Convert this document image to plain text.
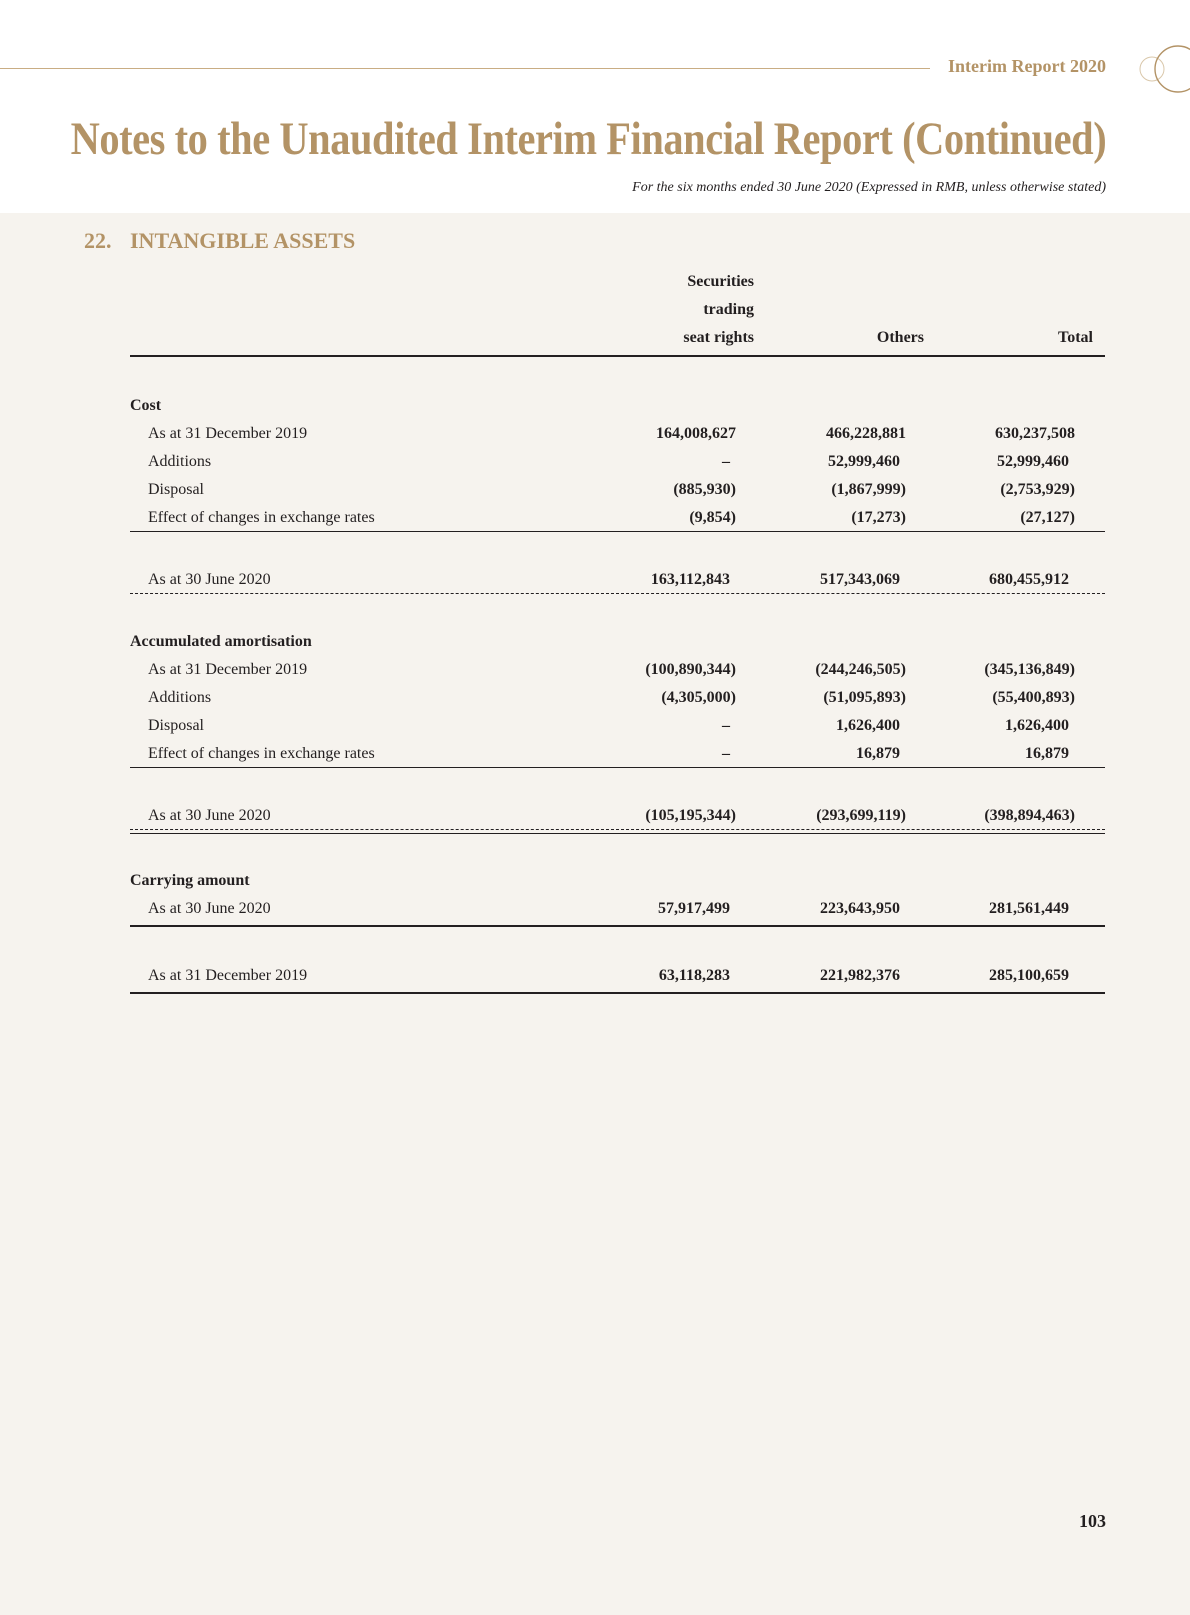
Interim Report 2020
Notes to the Unaudited Interim Financial Report (Continued)
For the six months ended 30 June 2020 (Expressed in RMB, unless otherwise stated)
22. INTANGIBLE ASSETS
Securities
trading
seat rights	Others	Total
Cost
As at 31 December 2019	164,008,627	466,228,881	630,237,508
Additions	–	52,999,460	52,999,460
Disposal	(885,930)	(1,867,999)	(2,753,929)
Effect of changes in exchange rates	(9,854)	(17,273)	(27,127)
As at 30 June 2020	163,112,843	517,343,069	680,455,912
Accumulated amortisation
As at 31 December 2019	(100,890,344)	(244,246,505)	(345,136,849)
Additions	(4,305,000)	(51,095,893)	(55,400,893)
Disposal	–	1,626,400	1,626,400
Effect of changes in exchange rates	–	16,879	16,879
As at 30 June 2020	(105,195,344)	(293,699,119)	(398,894,463)
Carrying amount
As at 30 June 2020	57,917,499	223,643,950	281,561,449
As at 31 December 2019	63,118,283	221,982,376	285,100,659
103
